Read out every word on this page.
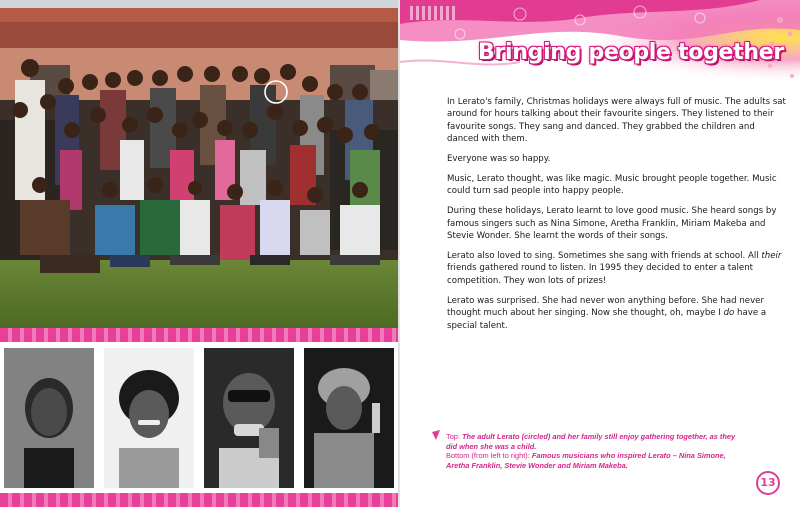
Bringing people together

In Lerato's family, Christmas holidays were always full of music. The adults sat around for hours talking about their favourite singers. They listened to their favourite songs. They sang and danced. They grabbed the children and danced with them.

Everyone was so happy.

Music, Lerato thought, was like magic. Music brought people together. Music could turn sad people into happy people.

During these holidays, Lerato learnt to love good music. She heard songs by famous singers such as Nina Simone, Aretha Franklin, Miriam Makeba and Stevie Wonder. She learnt the words of their songs.

Lerato also loved to sing. Sometimes she sang with friends at school. All their friends gathered round to listen. In 1995 they decided to enter a talent competition. They won lots of prizes!

Lerato was surprised. She had never won anything before. She had never thought much about her singing. Now she thought, oh, maybe I do have a special talent.

Top: The adult Lerato (circled) and her family still enjoy gathering together, as they did when she was a child.
Bottom (from left to right): Famous musicians who inspired Lerato – Nina Simone, Aretha Franklin, Stevie Wonder and Miriam Makeba.
13
